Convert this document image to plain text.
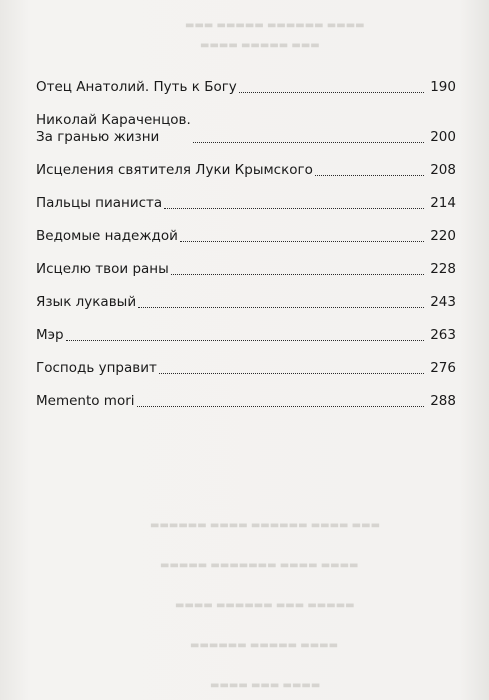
▬▬▬ ▬▬▬▬▬ ▬▬▬▬▬▬ ▬▬▬▬
▬▬▬▬ ▬▬▬▬▬ ▬▬▬
▬▬▬▬▬▬ ▬▬▬▬ ▬▬▬▬▬▬ ▬▬▬▬ ▬▬▬
▬▬▬▬▬ ▬▬▬▬▬▬▬ ▬▬▬▬ ▬▬▬▬
▬▬▬▬ ▬▬▬▬▬▬ ▬▬▬ ▬▬▬▬▬
▬▬▬▬▬▬ ▬▬▬▬▬ ▬▬▬▬
▬▬▬▬ ▬▬▬ ▬▬▬▬
Отец Анатолий. Путь к Богу	190
Николай Караченцов.
За гранью жизни	200
Исцеления святителя Луки Крымского	208
Пальцы пианиста	214
Ведомые надеждой	220
Исцелю твои раны	228
Язык лукавый	243
Мэр	263
Господь управит	276
Memento mori	288
